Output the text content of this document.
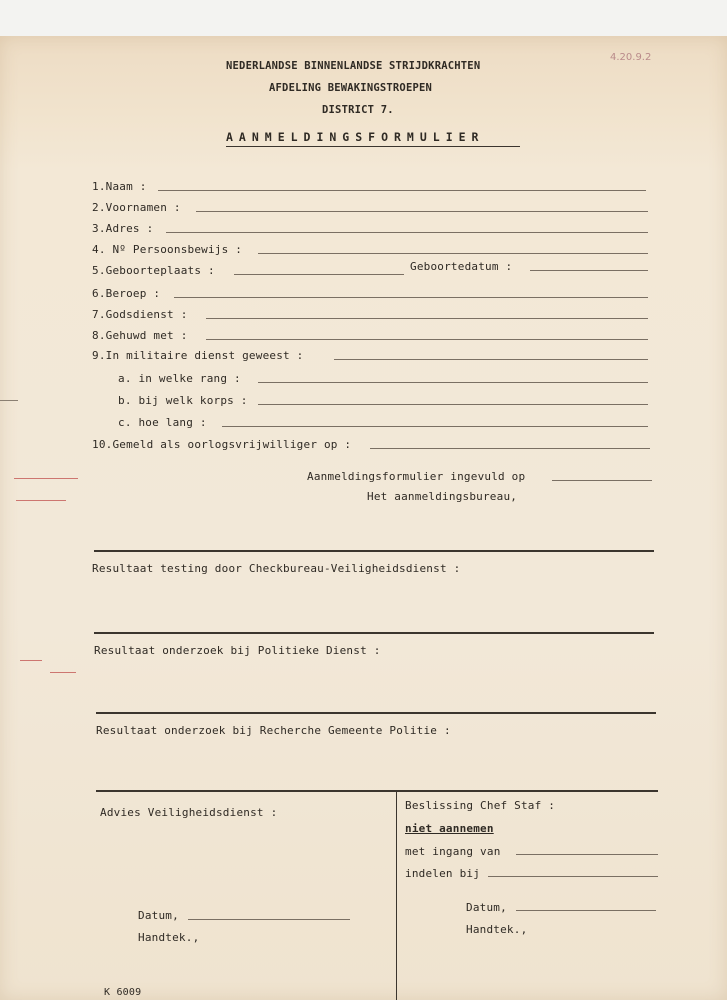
4.20.9.2
NEDERLANDSE BINNENLANDSE STRIJDKRACHTEN
AFDELING BEWAKINGSTROEPEN
DISTRICT 7.
AANMELDINGSFORMULIER
1.Naam :
2.Voornamen :
3.Adres :
4. Nº Persoonsbewijs :
5.Geboorteplaats :	Geboortedatum :
6.Beroep :
7.Godsdienst :
8.Gehuwd met :
9.In militaire dienst geweest :
a. in welke rang :
b. bij welk korps :
c. hoe lang :
10.Gemeld als oorlogsvrijwilliger op :
Aanmeldingsformulier ingevuld op
Het aanmeldingsbureau,
Resultaat testing door Checkbureau-Veiligheidsdienst :
Resultaat onderzoek bij Politieke Dienst :
Resultaat onderzoek bij Recherche Gemeente Politie :
Advies Veiligheidsdienst :
Datum,
Handtek.,
Beslissing Chef Staf :
niet aannemen
met ingang van
indelen bij
Datum,
Handtek.,
K 6009
